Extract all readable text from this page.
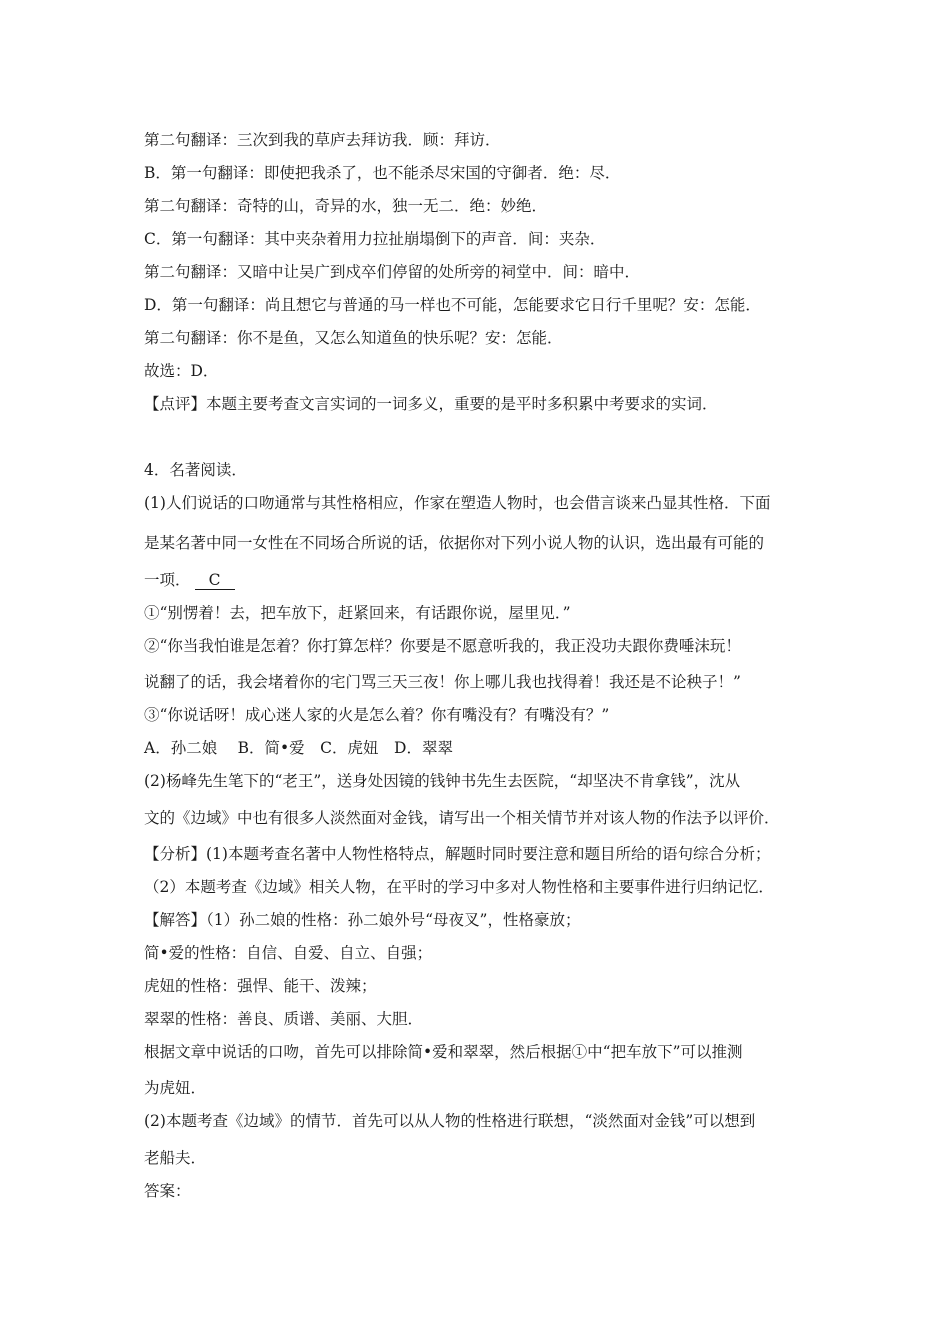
第二句翻译：三次到我的草庐去拜访我．顾：拜访．
B．第一句翻译：即使把我杀了，也不能杀尽宋国的守御者．绝：尽．
第二句翻译：奇特的山，奇异的水，独一无二．绝：妙绝．
C．第一句翻译：其中夹杂着用力拉扯崩塌倒下的声音．间：夹杂．
第二句翻译：又暗中让吴广到戍卒们停留的处所旁的祠堂中．间：暗中．
D．第一句翻译：尚且想它与普通的马一样也不可能，怎能要求它日行千里呢？安：怎能．
第二句翻译：你不是鱼，又怎么知道鱼的快乐呢？安：怎能．
故选：D．
【点评】本题主要考查文言实词的一词多义，重要的是平时多积累中考要求的实词．
4．名著阅读．
(1)人们说话的口吻通常与其性格相应，作家在塑造人物时，也会借言谈来凸显其性格．下面
是某名著中同一女性在不同场合所说的话，依据你对下列小说人物的认识，选出最有可能的
一项． C
①“别愣着！去，把车放下，赶紧回来，有话跟你说，屋里见．”
②“你当我怕谁是怎着？你打算怎样？你要是不愿意听我的，我正没功夫跟你费唾沫玩！
说翻了的话，我会堵着你的宅门骂三天三夜！你上哪儿我也找得着！我还是不论秧子！”
③“你说话呀！成心迷人家的火是怎么着？你有嘴没有？有嘴没有？”
A．孙二娘　 B．简•爱　C．虎妞　D．翠翠
(2)杨峰先生笔下的“老王”，送身处因镜的钱钟书先生去医院，“却坚决不肯拿钱”，沈从
文的《边域》中也有很多人淡然面对金钱，请写出一个相关情节并对该人物的作法予以评价．
【分析】(1)本题考查名著中人物性格特点，解题时同时要注意和题目所给的语句综合分析；
（2）本题考查《边域》相关人物，在平时的学习中多对人物性格和主要事件进行归纳记忆．
【解答】（1）孙二娘的性格：孙二娘外号“母夜叉”，性格豪放；
简•爱的性格：自信、自爱、自立、自强；
虎妞的性格：强悍、能干、泼辣；
翠翠的性格：善良、质谱、美丽、大胆．
根据文章中说话的口吻，首先可以排除简•爱和翠翠，然后根据①中“把车放下”可以推测
为虎妞．
(2)本题考查《边域》的情节．首先可以从人物的性格进行联想，“淡然面对金钱”可以想到
老船夫．
答案：
